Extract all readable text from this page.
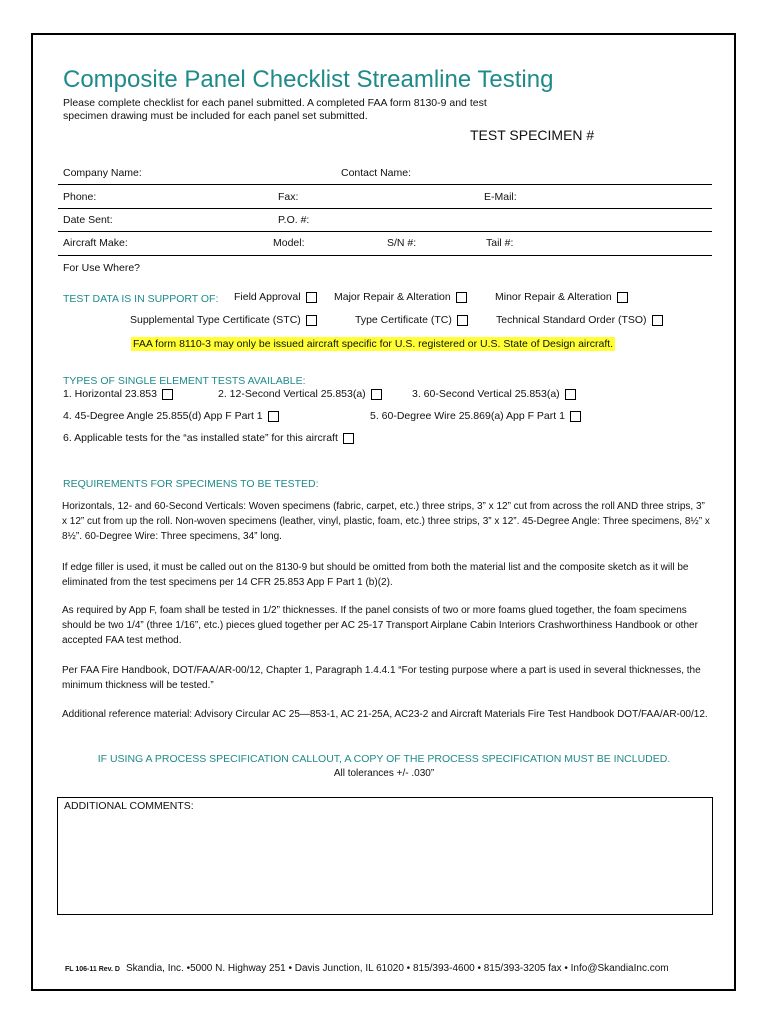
Composite Panel Checklist Streamline Testing
Please complete checklist for each panel submitted. A completed FAA form 8130-9 and test specimen drawing must be included for each panel set submitted.
TEST SPECIMEN #
Company Name:	Contact Name:
Phone:	Fax:	E-Mail:
Date Sent:	P.O. #:
Aircraft Make:	Model:	S/N #:	Tail #:
For Use Where?
TEST DATA IS IN SUPPORT OF: Field Approval	Major Repair & Alteration	Minor Repair & Alteration
Supplemental Type Certificate (STC)	Type Certificate (TC)	Technical Standard Order (TSO)
FAA form 8110-3 may only be issued aircraft specific for U.S. registered or U.S. State of Design aircraft.
TYPES OF SINGLE ELEMENT TESTS AVAILABLE:
1. Horizontal 23.853	2. 12-Second Vertical 25.853(a)	3. 60-Second Vertical 25.853(a)
4. 45-Degree Angle 25.855(d) App F Part 1	5. 60-Degree Wire 25.869(a) App F Part 1
6. Applicable tests for the “as installed state” for this aircraft
REQUIREMENTS FOR SPECIMENS TO BE TESTED:
Horizontals, 12- and 60-Second Verticals: Woven specimens (fabric, carpet, etc.) three strips, 3” x 12” cut from across the roll AND three strips, 3” x 12” cut from up the roll. Non-woven specimens (leather, vinyl, plastic, foam, etc.) three strips, 3” x 12”. 45-Degree Angle: Three specimens, 8½” x 8½”. 60-Degree Wire: Three specimens, 34” long.
If edge filler is used, it must be called out on the 8130-9 but should be omitted from both the material list and the composite sketch as it will be eliminated from the test specimens per 14 CFR 25.853 App F Part 1 (b)(2).
As required by App F, foam shall be tested in 1/2” thicknesses. If the panel consists of two or more foams glued together, the foam specimens should be two 1/4” (three 1/16”, etc.) pieces glued together per AC 25-17 Transport Airplane Cabin Interiors Crashworthiness Handbook or other accepted FAA test method.
Per FAA Fire Handbook, DOT/FAA/AR-00/12, Chapter 1, Paragraph 1.4.4.1 “For testing purpose where a part is used in several thicknesses, the minimum thickness will be tested.”
Additional reference material: Advisory Circular AC 25—853-1, AC 21-25A, AC23-2 and Aircraft Materials Fire Test Handbook DOT/FAA/AR-00/12.
IF USING A PROCESS SPECIFICATION CALLOUT, A COPY OF THE PROCESS SPECIFICATION MUST BE INCLUDED.
All tolerances +/- .030”
ADDITIONAL COMMENTS:
FL 106-11 Rev. D Skandia, Inc. •5000 N. Highway 251 • Davis Junction, IL 61020 • 815/393-4600 • 815/393-3205 fax • Info@SkandiaInc.com
